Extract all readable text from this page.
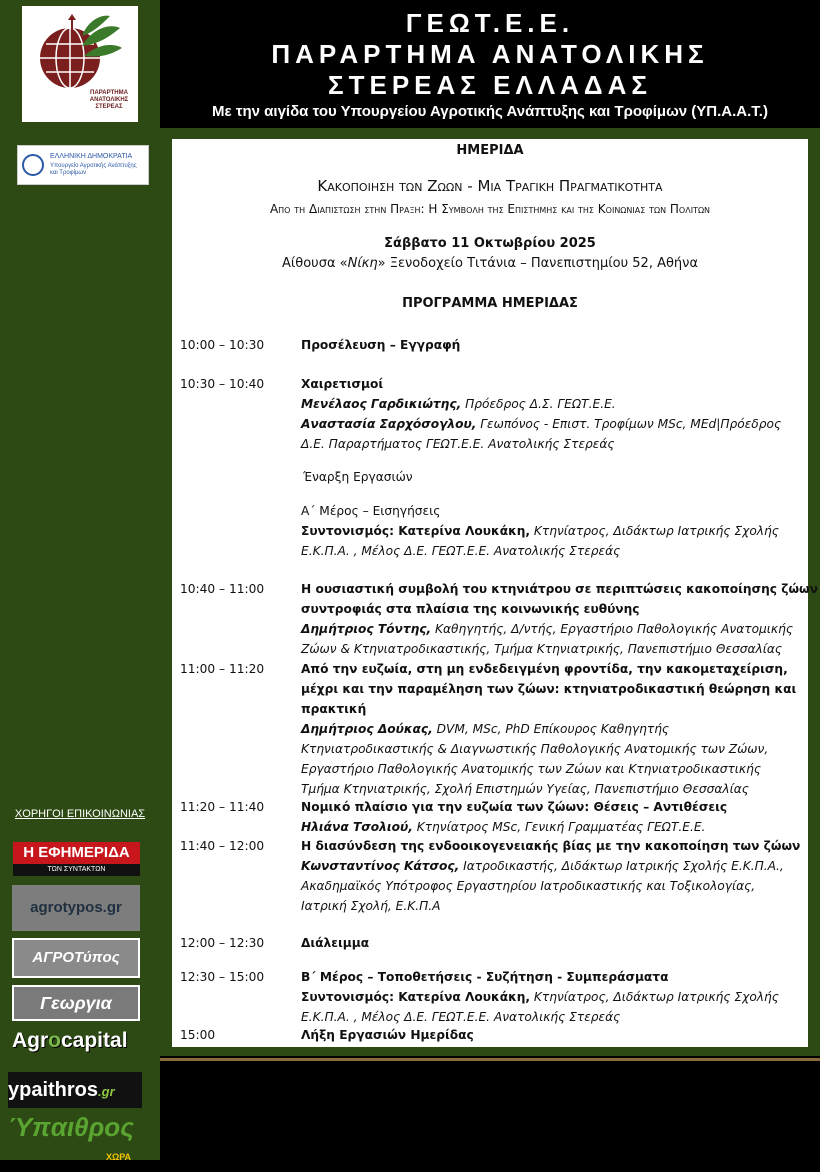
ΠΑΡΑΡΤΗΜΑ ΑΝΑΤΟΛΙΚΗΣ ΣΤΕΡΕΑΣ
ΕΛΛΗΝΙΚΗ ΔΗΜΟΚΡΑΤΙΑ
Υπουργείο Αγροτικής Ανάπτυξης και Τροφίμων
ΧΟΡΗΓΟΙ ΕΠΙΚΟΙΝΩΝΙΑΣ
Η ΕΦΗΜΕΡΙΔΑ
ΤΩΝ ΣΥΝΤΑΚΤΩΝ
agrotypos.gr
ΑΓΡΟΤύπος
Γεωργια
Agrocapital
ypaithros.gr
Ύπαιθρος
ΧΩΡΑ
ΓΕΩΤ.Ε.Ε.
ΠΑΡΑΡΤΗΜΑ ΑΝΑΤΟΛΙΚΗΣ
ΣΤΕΡΕΑΣ ΕΛΛΑΔΑΣ
Με την αιγίδα του Υπουργείου Αγροτικής Ανάπτυξης και Τροφίμων (ΥΠ.Α.Α.Τ.)
ΗΜΕΡΙΔΑ
Κακοποιηση των Ζωων - Μια Τραγικη Πραγματικοτητα
Απο τη Διαπιστωση στην Πραξη: Η Συμβολη της Επιστημης και της Κοινωνιας των Πολιτων
Σάββατο 11 Οκτωβρίου 2025
Αίθουσα «Νίκη» Ξενοδοχείο Τιτάνια – Πανεπιστημίου 52, Αθήνα
ΠΡΟΓΡΑΜΜΑ ΗΜΕΡΙΔΑΣ
10:00 – 10:30	Προσέλευση – Εγγραφή
10:30 – 10:40	Χαιρετισμοί
Μενέλαος Γαρδικιώτης, Πρόεδρος Δ.Σ. ΓΕΩΤ.Ε.Ε.
Αναστασία Σαρχόσογλου, Γεωπόνος - Επιστ. Τροφίμων MSc, MEd|Πρόεδρος
Δ.Ε. Παραρτήματος ΓΕΩΤ.Ε.Ε. Ανατολικής Στερεάς
Έναρξη Εργασιών
Α΄ Μέρος – Εισηγήσεις
Συντονισμός: Κατερίνα Λουκάκη, Κτηνίατρος, Διδάκτωρ Ιατρικής Σχολής
Ε.Κ.Π.Α. , Μέλος Δ.Ε. ΓΕΩΤ.Ε.Ε. Ανατολικής Στερεάς
10:40 – 11:00	Η ουσιαστική συμβολή του κτηνιάτρου σε περιπτώσεις κακοποίησης ζώων
συντροφιάς στα πλαίσια της κοινωνικής ευθύνης
Δημήτριος Τόντης, Καθηγητής, Δ/ντής, Εργαστήριο Παθολογικής Ανατομικής
Ζώων & Κτηνιατροδικαστικής, Τμήμα Κτηνιατρικής, Πανεπιστήμιο Θεσσαλίας
11:00 – 11:20	Από την ευζωία, στη μη ενδεδειγμένη φροντίδα, την κακομεταχείριση,
μέχρι και την παραμέληση των ζώων: κτηνιατροδικαστική θεώρηση και
πρακτική
Δημήτριος Δούκας, DVM, MSc, PhD Επίκουρος Καθηγητής
Κτηνιατροδικαστικής & Διαγνωστικής Παθολογικής Ανατομικής των Ζώων,
Εργαστήριο Παθολογικής Ανατομικής των Ζώων και Κτηνιατροδικαστικής
Τμήμα Κτηνιατρικής, Σχολή Επιστημών Υγείας, Πανεπιστήμιο Θεσσαλίας
11:20 – 11:40	Νομικό πλαίσιο για την ευζωία των ζώων: Θέσεις – Αντιθέσεις
Ηλιάνα Τσολιού, Κτηνίατρος MSc, Γενική Γραμματέας ΓΕΩΤ.Ε.Ε.
11:40 – 12:00	Η διασύνδεση της ενδοοικογενειακής βίας με την κακοποίηση των ζώων
Κωνσταντίνος Κάτσος, Ιατροδικαστής, Διδάκτωρ Ιατρικής Σχολής Ε.Κ.Π.Α.,
Ακαδημαϊκός Υπότροφος Εργαστηρίου Ιατροδικαστικής και Τοξικολογίας,
Ιατρική Σχολή, Ε.Κ.Π.Α
12:00 – 12:30	Διάλειμμα
12:30 – 15:00	Β΄ Μέρος – Τοποθετήσεις - Συζήτηση - Συμπεράσματα
Συντονισμός: Κατερίνα Λουκάκη, Κτηνίατρος, Διδάκτωρ Ιατρικής Σχολής
Ε.Κ.Π.Α. , Μέλος Δ.Ε. ΓΕΩΤ.Ε.Ε. Ανατολικής Στερεάς
15:00	Λήξη Εργασιών Ημερίδας
